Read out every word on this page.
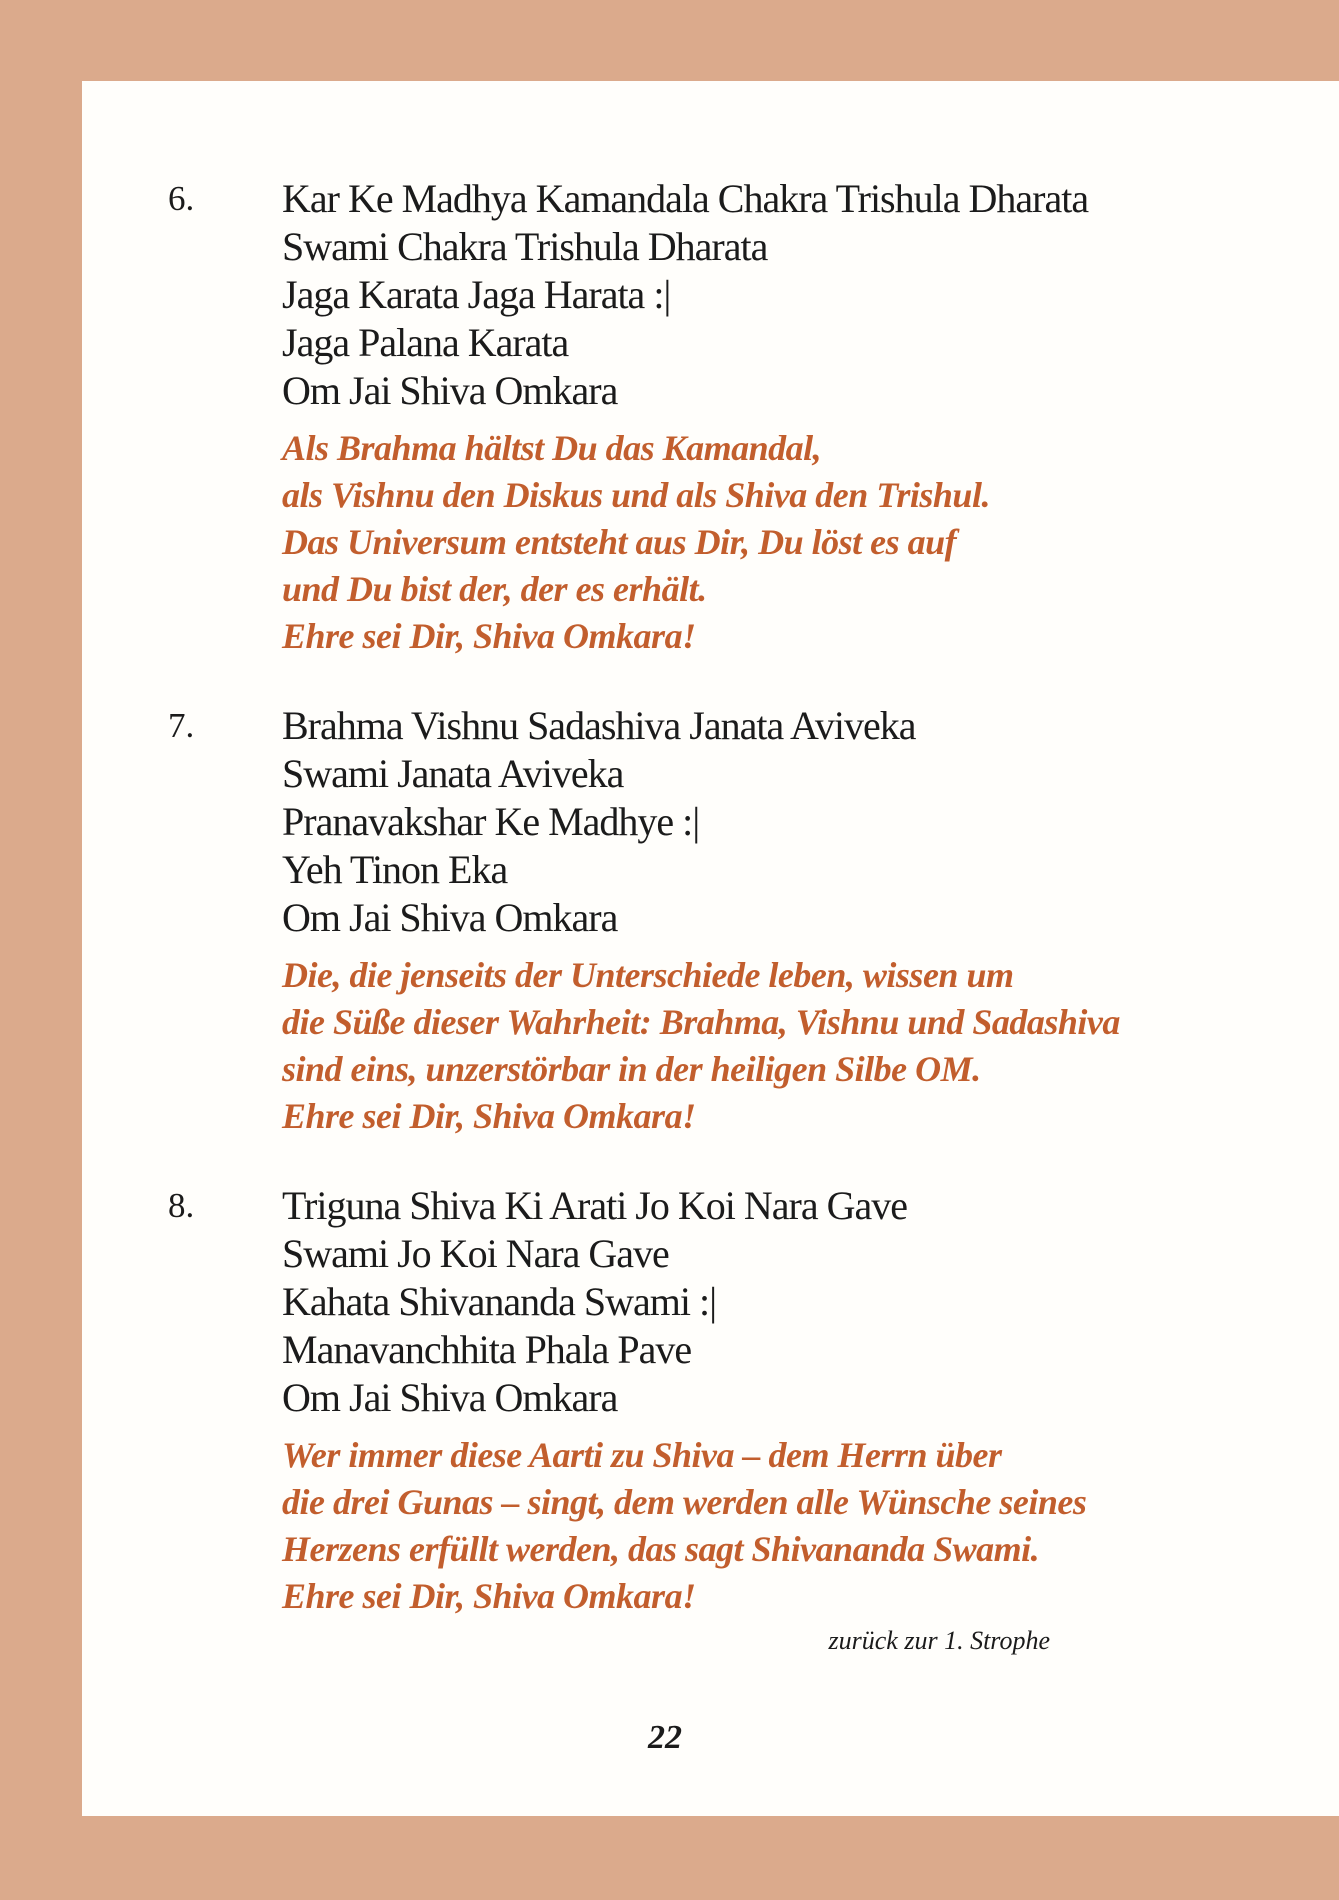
6.	Kar Ke Madhya Kamandala Chakra Trishula Dharata
Swami Chakra Trishula Dharata
Jaga Karata Jaga Harata :|
Jaga Palana Karata
Om Jai Shiva Omkara
Als Brahma hältst Du das Kamandal,
als Vishnu den Diskus und als Shiva den Trishul.
Das Universum entsteht aus Dir, Du löst es auf
und Du bist der, der es erhält.
Ehre sei Dir, Shiva Omkara!
7.	Brahma Vishnu Sadashiva Janata Aviveka
Swami Janata Aviveka
Pranavakshar Ke Madhye :|
Yeh Tinon Eka
Om Jai Shiva Omkara
Die, die jenseits der Unterschiede leben, wissen um
die Süße dieser Wahrheit: Brahma, Vishnu und Sadashiva
sind eins, unzerstörbar in der heiligen Silbe OM.
Ehre sei Dir, Shiva Omkara!
8.	Triguna Shiva Ki Arati Jo Koi Nara Gave
Swami Jo Koi Nara Gave
Kahata Shivananda Swami :|
Manavanchhita Phala Pave
Om Jai Shiva Omkara
Wer immer diese Aarti zu Shiva – dem Herrn über
die drei Gunas – singt, dem werden alle Wünsche seines
Herzens erfüllt werden, das sagt Shivananda Swami.
Ehre sei Dir, Shiva Omkara!
zurück zur 1. Strophe
22
